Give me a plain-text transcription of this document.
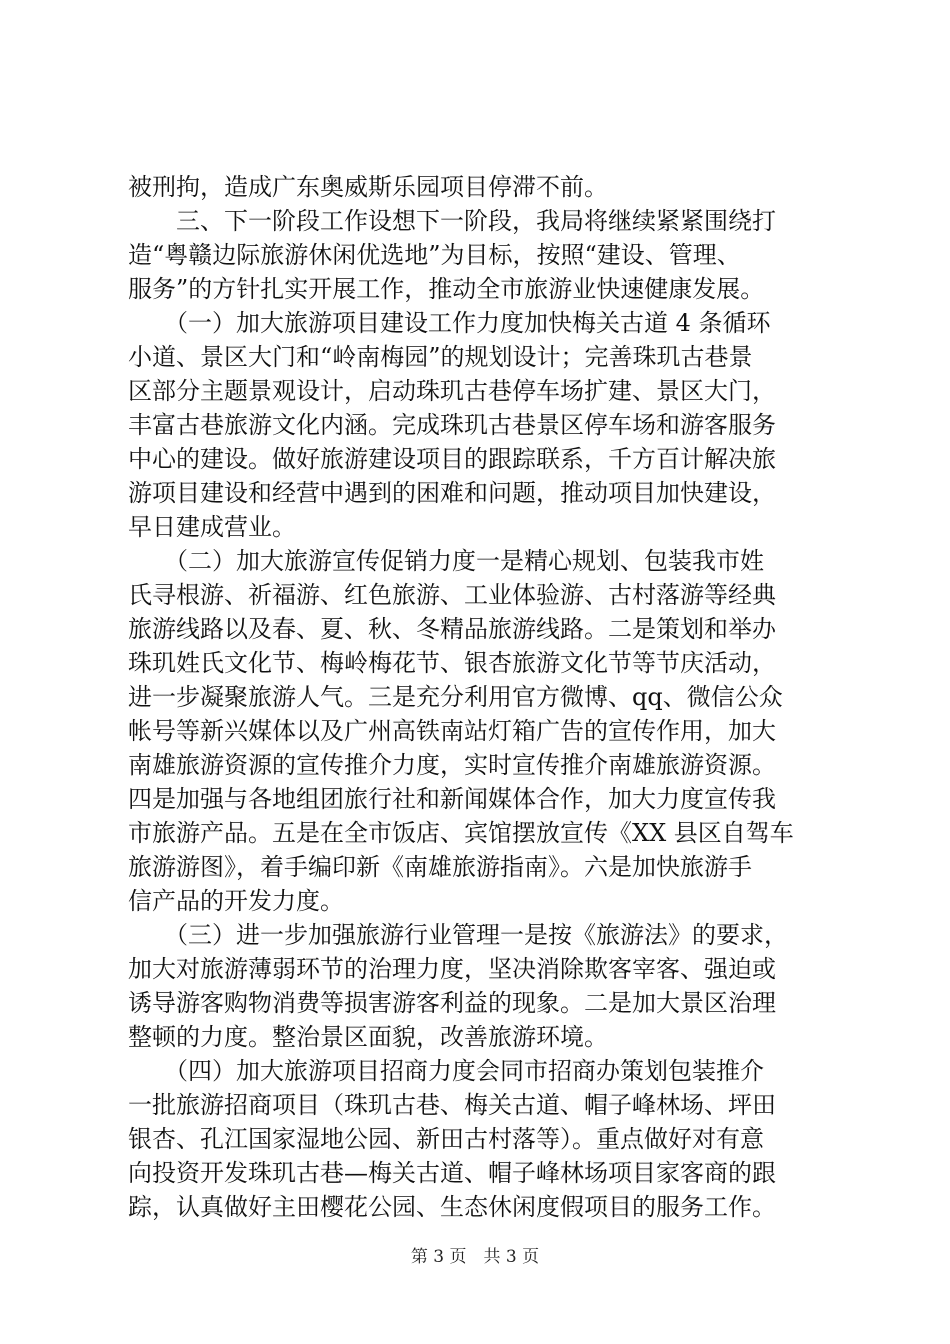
被刑拘，造成广东奥威斯乐园项目停滞不前。
　　三、下一阶段工作设想下一阶段，我局将继续紧紧围绕打
造“粤赣边际旅游休闲优选地”为目标，按照“建设、管理、
服务”的方针扎实开展工作，推动全市旅游业快速健康发展。
　　（一）加大旅游项目建设工作力度加快梅关古道 4 条循环
小道、景区大门和“岭南梅园”的规划设计；完善珠玑古巷景
区部分主题景观设计，启动珠玑古巷停车场扩建、景区大门，
丰富古巷旅游文化内涵。完成珠玑古巷景区停车场和游客服务
中心的建设。做好旅游建设项目的跟踪联系，千方百计解决旅
游项目建设和经营中遇到的困难和问题，推动项目加快建设，
早日建成营业。
　　（二）加大旅游宣传促销力度一是精心规划、包装我市姓
氏寻根游、祈福游、红色旅游、工业体验游、古村落游等经典
旅游线路以及春、夏、秋、冬精品旅游线路。二是策划和举办
珠玑姓氏文化节、梅岭梅花节、银杏旅游文化节等节庆活动，
进一步凝聚旅游人气。三是充分利用官方微博、qq、微信公众
帐号等新兴媒体以及广州高铁南站灯箱广告的宣传作用，加大
南雄旅游资源的宣传推介力度，实时宣传推介南雄旅游资源。
四是加强与各地组团旅行社和新闻媒体合作，加大力度宣传我
市旅游产品。五是在全市饭店、宾馆摆放宣传《XX 县区自驾车
旅游游图》，着手编印新《南雄旅游指南》。六是加快旅游手
信产品的开发力度。
　　（三）进一步加强旅游行业管理一是按《旅游法》的要求，
加大对旅游薄弱环节的治理力度，坚决消除欺客宰客、强迫或
诱导游客购物消费等损害游客利益的现象。二是加大景区治理
整顿的力度。整治景区面貌，改善旅游环境。
　　（四）加大旅游项目招商力度会同市招商办策划包装推介
一批旅游招商项目（珠玑古巷、梅关古道、帽子峰林场、坪田
银杏、孔江国家湿地公园、新田古村落等）。重点做好对有意
向投资开发珠玑古巷—梅关古道、帽子峰林场项目家客商的跟
踪，认真做好主田樱花公园、生态休闲度假项目的服务工作。
第 3 页　共 3 页
